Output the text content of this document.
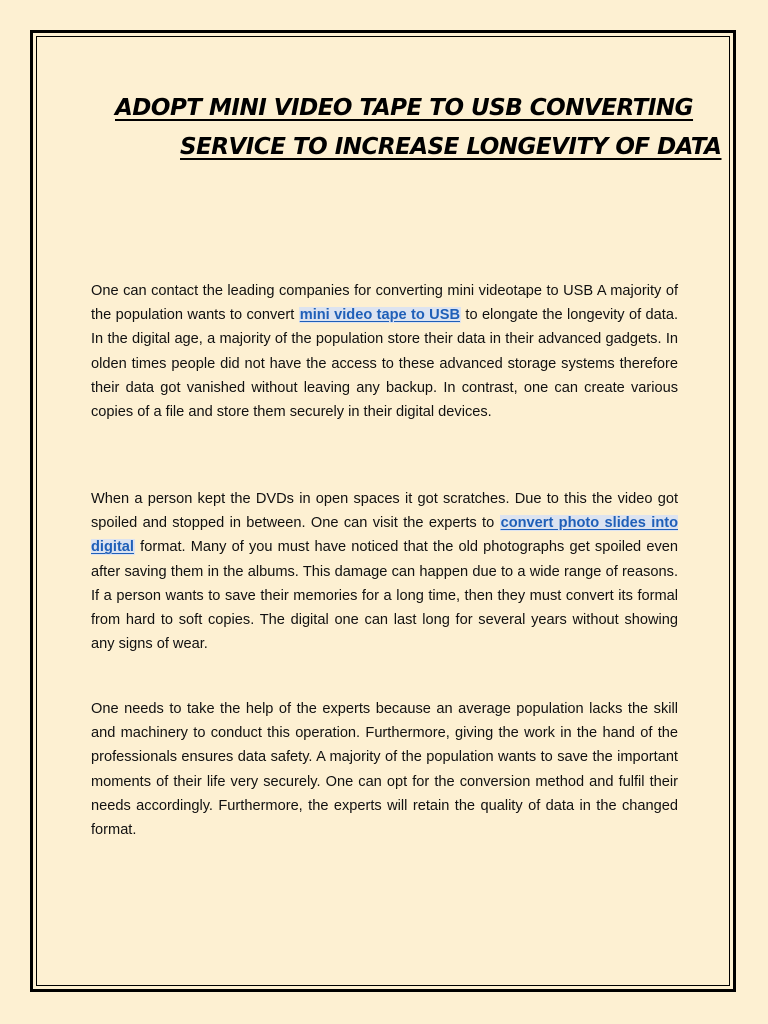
ADOPT MINI VIDEO TAPE TO USB CONVERTING
SERVICE TO INCREASE LONGEVITY OF DATA

One can contact the leading companies for converting mini videotape to USB A majority of the population wants to convert mini video tape to USB to elongate the longevity of data. In the digital age, a majority of the population store their data in their advanced gadgets. In olden times people did not have the access to these advanced storage systems therefore their data got vanished without leaving any backup. In contrast, one can create various copies of a file and store them securely in their digital devices.

When a person kept the DVDs in open spaces it got scratches. Due to this the video got spoiled and stopped in between. One can visit the experts to convert photo slides into digital format. Many of you must have noticed that the old photographs get spoiled even after saving them in the albums. This damage can happen due to a wide range of reasons. If a person wants to save their memories for a long time, then they must convert its formal from hard to soft copies. The digital one can last long for several years without showing any signs of wear.

One needs to take the help of the experts because an average population lacks the skill and machinery to conduct this operation. Furthermore, giving the work in the hand of the professionals ensures data safety. A majority of the population wants to save the important moments of their life very securely. One can opt for the conversion method and fulfil their needs accordingly. Furthermore, the experts will retain the quality of data in the changed format.
